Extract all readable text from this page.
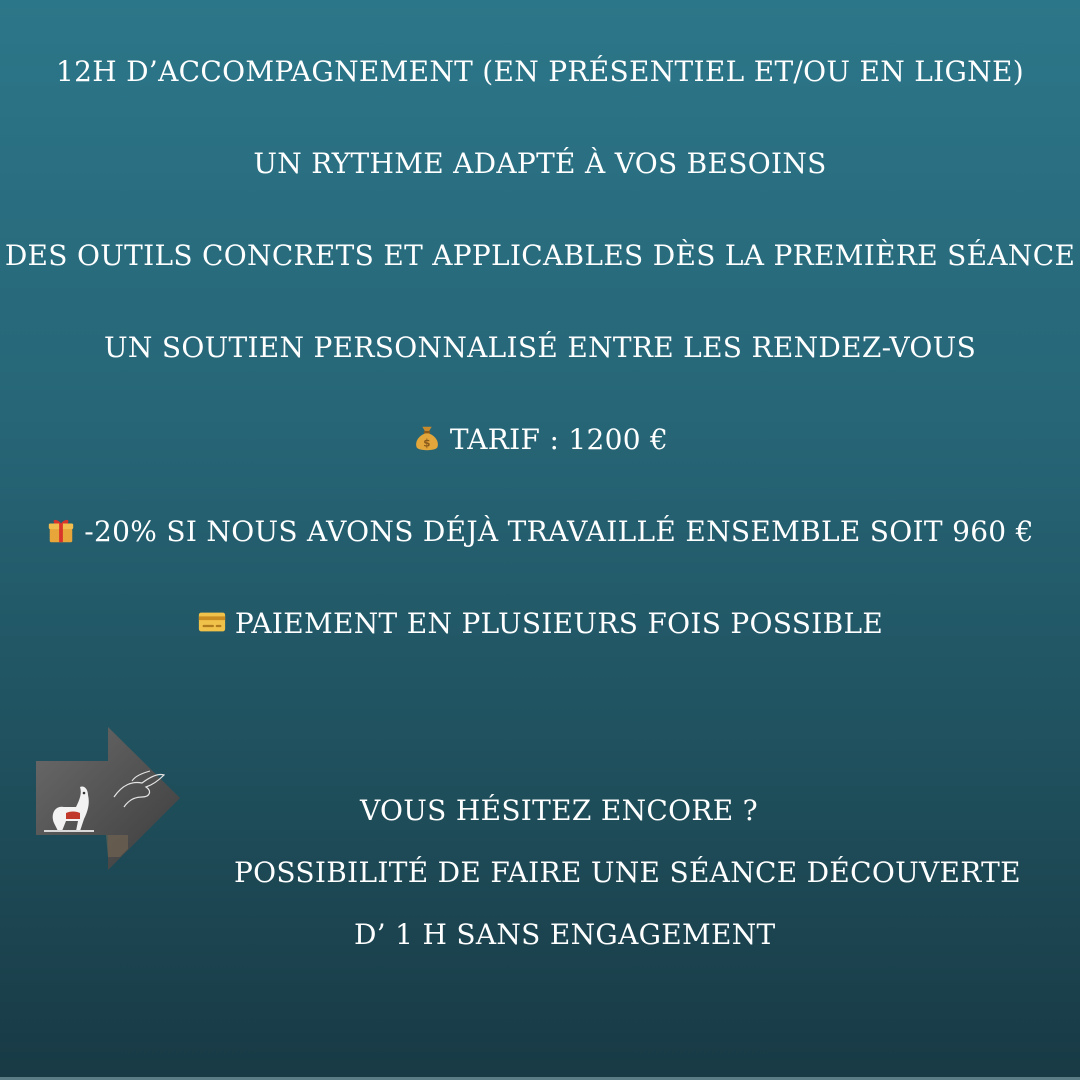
12H D’ACCOMPAGNEMENT (EN PRÉSENTIEL ET/OU EN LIGNE)
UN RYTHME ADAPTÉ À VOS BESOINS
DES OUTILS CONCRETS ET APPLICABLES DÈS LA PREMIÈRE SÉANCE
UN SOUTIEN PERSONNALISÉ ENTRE LES RENDEZ-VOUS
$ TARIF : 1200 €
-20% SI NOUS AVONS DÉJÀ TRAVAILLÉ ENSEMBLE SOIT 960 €
PAIEMENT EN PLUSIEURS FOIS POSSIBLE
VOUS HÉSITEZ ENCORE ?
POSSIBILITÉ DE FAIRE UNE SÉANCE DÉCOUVERTE
D’ 1 H SANS ENGAGEMENT
